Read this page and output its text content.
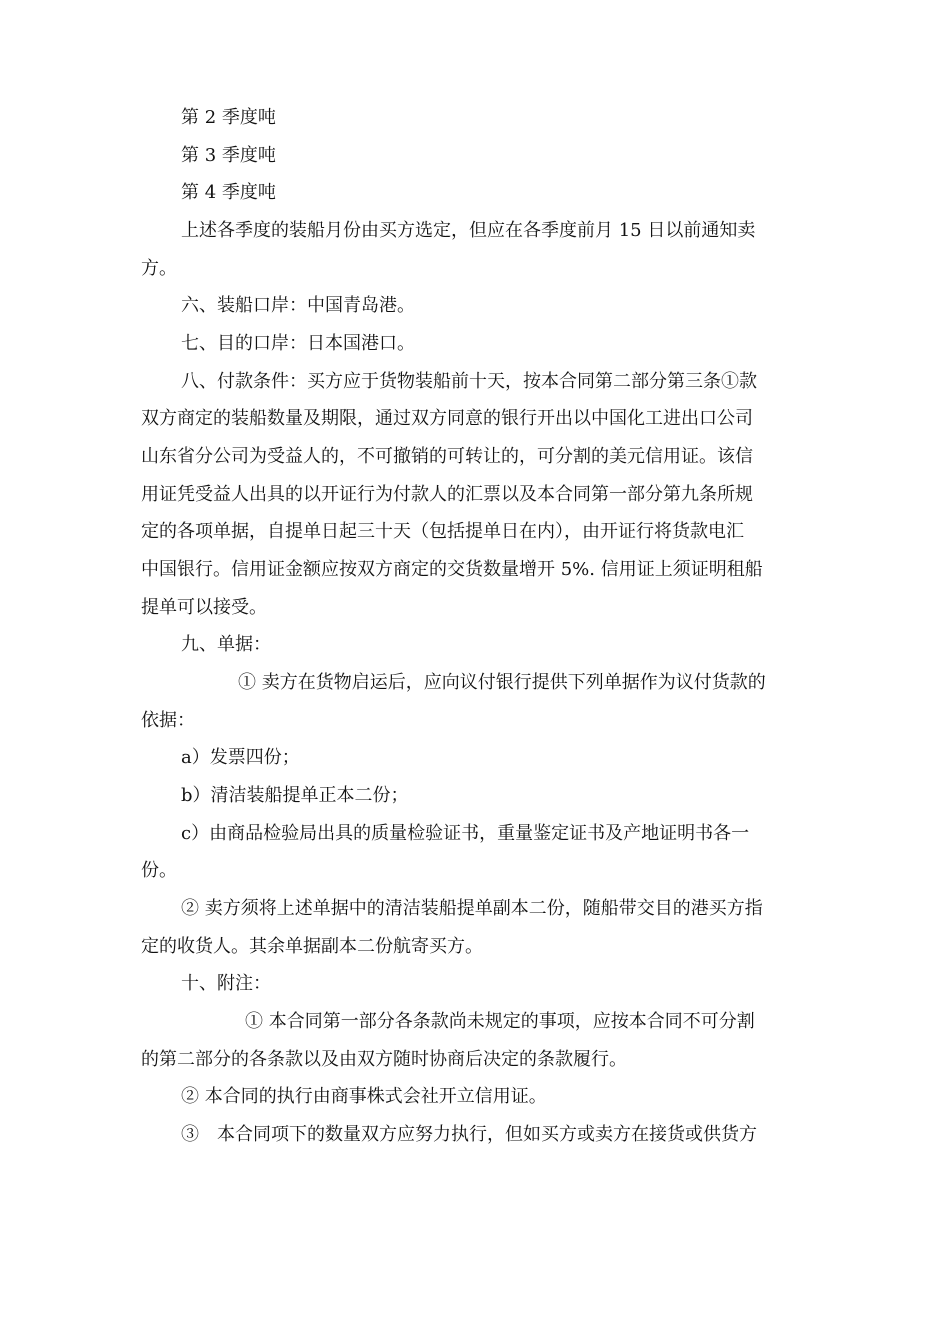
第 2 季度吨

第 3 季度吨

第 4 季度吨

上述各季度的装船月份由买方选定，但应在各季度前月 15 日以前通知卖

方。

六、装船口岸：中国青岛港。

七、目的口岸：日本国港口。

八、付款条件：买方应于货物装船前十天，按本合同第二部分第三条①款

双方商定的装船数量及期限，通过双方同意的银行开出以中国化工进出口公司

山东省分公司为受益人的，不可撤销的可转让的，可分割的美元信用证。该信

用证凭受益人出具的以开证行为付款人的汇票以及本合同第一部分第九条所规

定的各项单据，自提单日起三十天（包括提单日在内），由开证行将货款电汇

中国银行。信用证金额应按双方商定的交货数量增开 5%. 信用证上须证明租船

提单可以接受。

九、单据：

① 卖方在货物启运后，应向议付银行提供下列单据作为议付货款的

依据：

a）发票四份；

b）清洁装船提单正本二份；

c）由商品检验局出具的质量检验证书，重量鉴定证书及产地证明书各一

份。

② 卖方须将上述单据中的清洁装船提单副本二份，随船带交目的港买方指

定的收货人。其余单据副本二份航寄买方。

十、附注：

① 本合同第一部分各条款尚未规定的事项，应按本合同不可分割

的第二部分的各条款以及由双方随时协商后决定的条款履行。

② 本合同的执行由商事株式会社开立信用证。

③　本合同项下的数量双方应努力执行，但如买方或卖方在接货或供货方
